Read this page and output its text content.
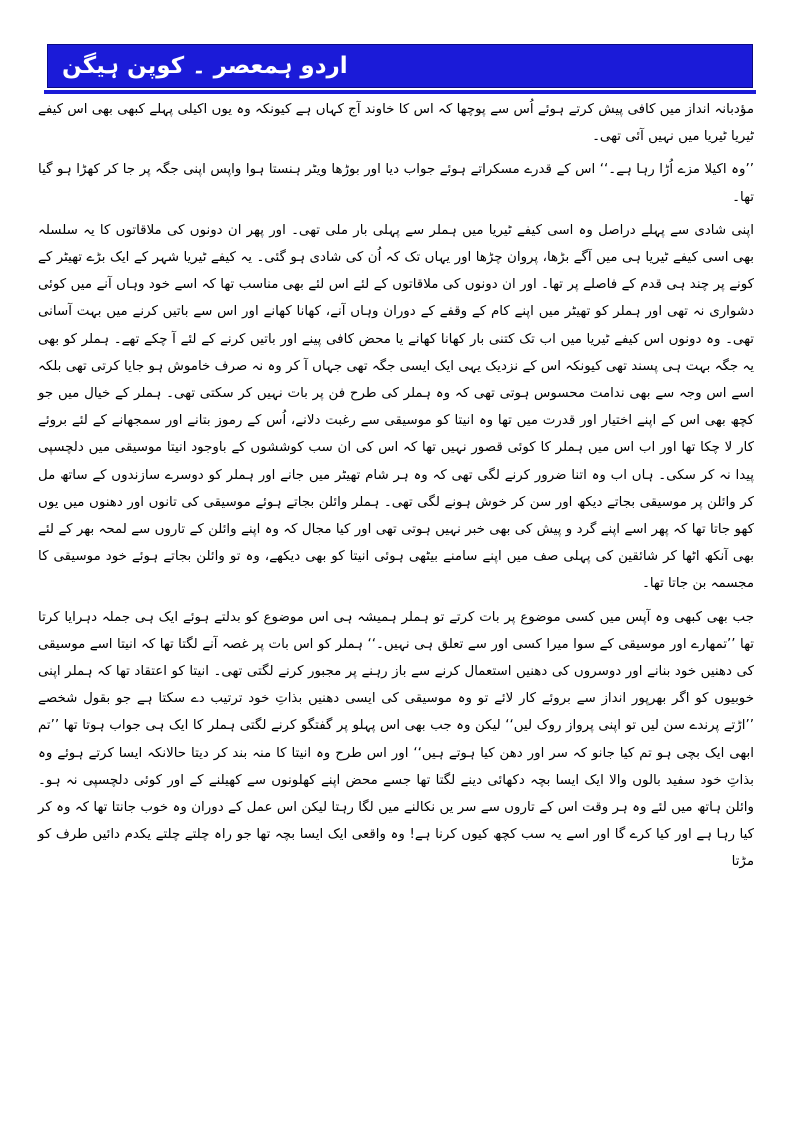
اردو ہمعصر ۔ کوپن ہیگن

مؤدبانہ انداز میں کافی پیش کرتے ہوئے اُس سے پوچھا کہ اس کا خاوند آج کہاں ہے کیونکہ وہ یوں اکیلی پہلے کبھی بھی اس کیفے ٹیریا ٹیریا میں نہیں آئی تھی۔

’’وہ اکیلا مزے اُڑا رہا ہے۔‘‘ اس کے قدرے مسکراتے ہوئے جواب دیا اور بوڑھا ویٹر ہنستا ہوا واپس اپنی جگہ پر جا کر کھڑا ہو گیا تھا۔

اپنی شادی سے پہلے دراصل وہ اسی کیفے ٹیریا میں ہملر سے پہلی بار ملی تھی۔ اور پھر ان دونوں کی ملاقاتوں کا یہ سلسلہ بھی اسی کیفے ٹیریا ہی میں آگے بڑھا، پروان چڑھا اور یہاں تک کہ اُن کی شادی ہو گئی۔ یہ کیفے ٹیریا شہر کے ایک بڑے تھیٹر کے کونے پر چند ہی قدم کے فاصلے پر تھا۔ اور ان دونوں کی ملاقاتوں کے لئے اس لئے بھی مناسب تھا کہ اسے خود وہاں آنے میں کوئی دشواری نہ تھی اور ہملر کو تھیٹر میں اپنے کام کے وقفے کے دوران وہاں آنے، کھانا کھانے اور اس سے باتیں کرنے میں بہت آسانی تھی۔ وہ دونوں اس کیفے ٹیریا میں اب تک کتنی بار کھانا کھانے یا محض کافی پینے اور باتیں کرنے کے لئے آ چکے تھے۔ ہملر کو بھی یہ جگہ بہت ہی پسند تھی کیونکہ اس کے نزدیک یہی ایک ایسی جگہ تھی جہاں آ کر وہ نہ صرف خاموش ہو جایا کرتی تھی بلکہ اسے اس وجہ سے بھی ندامت محسوس ہوتی تھی کہ وہ ہملر کی طرح فن پر بات نہیں کر سکتی تھی۔ ہملر کے خیال میں جو کچھ بھی اس کے اپنے اختیار اور قدرت میں تھا وہ انیتا کو موسیقی سے رغبت دلانے، اُس کے رموز بتانے اور سمجھانے کے لئے بروئے کار لا چکا تھا اور اب اس میں ہملر کا کوئی قصور نہیں تھا کہ اس کی ان سب کوششوں کے باوجود انیتا موسیقی میں دلچسپی پیدا نہ کر سکی۔ ہاں اب وہ اتنا ضرور کرنے لگی تھی کہ وہ ہر شام تھیٹر میں جانے اور ہملر کو دوسرے سازندوں کے ساتھ مل کر وائلن پر موسیقی بجاتے دیکھ اور سن کر خوش ہونے لگی تھی۔ ہملر وائلن بجاتے ہوئے موسیقی کی تانوں اور دھنوں میں یوں کھو جاتا تھا کہ پھر اسے اپنے گرد و پیش کی بھی خبر نہیں ہوتی تھی اور کیا مجال کہ وہ اپنے وائلن کے تاروں سے لمحہ بھر کے لئے بھی آنکھ اٹھا کر شائقین کی پہلی صف میں اپنے سامنے بیٹھی ہوئی انیتا کو بھی دیکھے، وہ تو وائلن بجاتے ہوئے خود موسیقی کا مجسمہ بن جاتا تھا۔

جب بھی کبھی وہ آپس میں کسی موضوع پر بات کرتے تو ہملر ہمیشہ ہی اس موضوع کو بدلتے ہوئے ایک ہی جملہ دہرایا کرتا تھا ’’تمھارے اور موسیقی کے سوا میرا کسی اور سے تعلق ہی نہیں۔‘‘ ہملر کو اس بات پر غصہ آنے لگتا تھا کہ انیتا اسے موسیقی کی دھنیں خود بنانے اور دوسروں کی دھنیں استعمال کرنے سے باز رہنے پر مجبور کرنے لگتی تھی۔ انیتا کو اعتقاد تھا کہ ہملر اپنی خوبیوں کو اگر بھرپور انداز سے بروئے کار لائے تو وہ موسیقی کی ایسی دھنیں بذاتِ خود ترتیب دے سکتا ہے جو بقول شخصے ’’اڑتے پرندے سن لیں تو اپنی پرواز روک لیں‘‘ لیکن وہ جب بھی اس پہلو پر گفتگو کرنے لگتی ہملر کا ایک ہی جواب ہوتا تھا ’’تم ابھی ایک بچی ہو تم کیا جانو کہ سر اور دھن کیا ہوتے ہیں‘‘ اور اس طرح وہ انیتا کا منہ بند کر دیتا حالانکہ ایسا کرتے ہوئے وہ بذاتِ خود سفید بالوں والا ایک ایسا بچہ دکھائی دینے لگتا تھا جسے محض اپنے کھلونوں سے کھیلنے کے اور کوئی دلچسپی نہ ہو۔ وائلن ہاتھ میں لئے وہ ہر وقت اس کے تاروں سے سر یں نکالنے میں لگا رہتا لیکن اس عمل کے دوران وہ خوب جانتا تھا کہ وہ کر کیا رہا ہے اور کیا کرے گا اور اسے یہ سب کچھ کیوں کرنا ہے! وہ واقعی ایک ایسا بچہ تھا جو راہ چلتے چلتے یکدم دائیں طرف کو مڑتا
